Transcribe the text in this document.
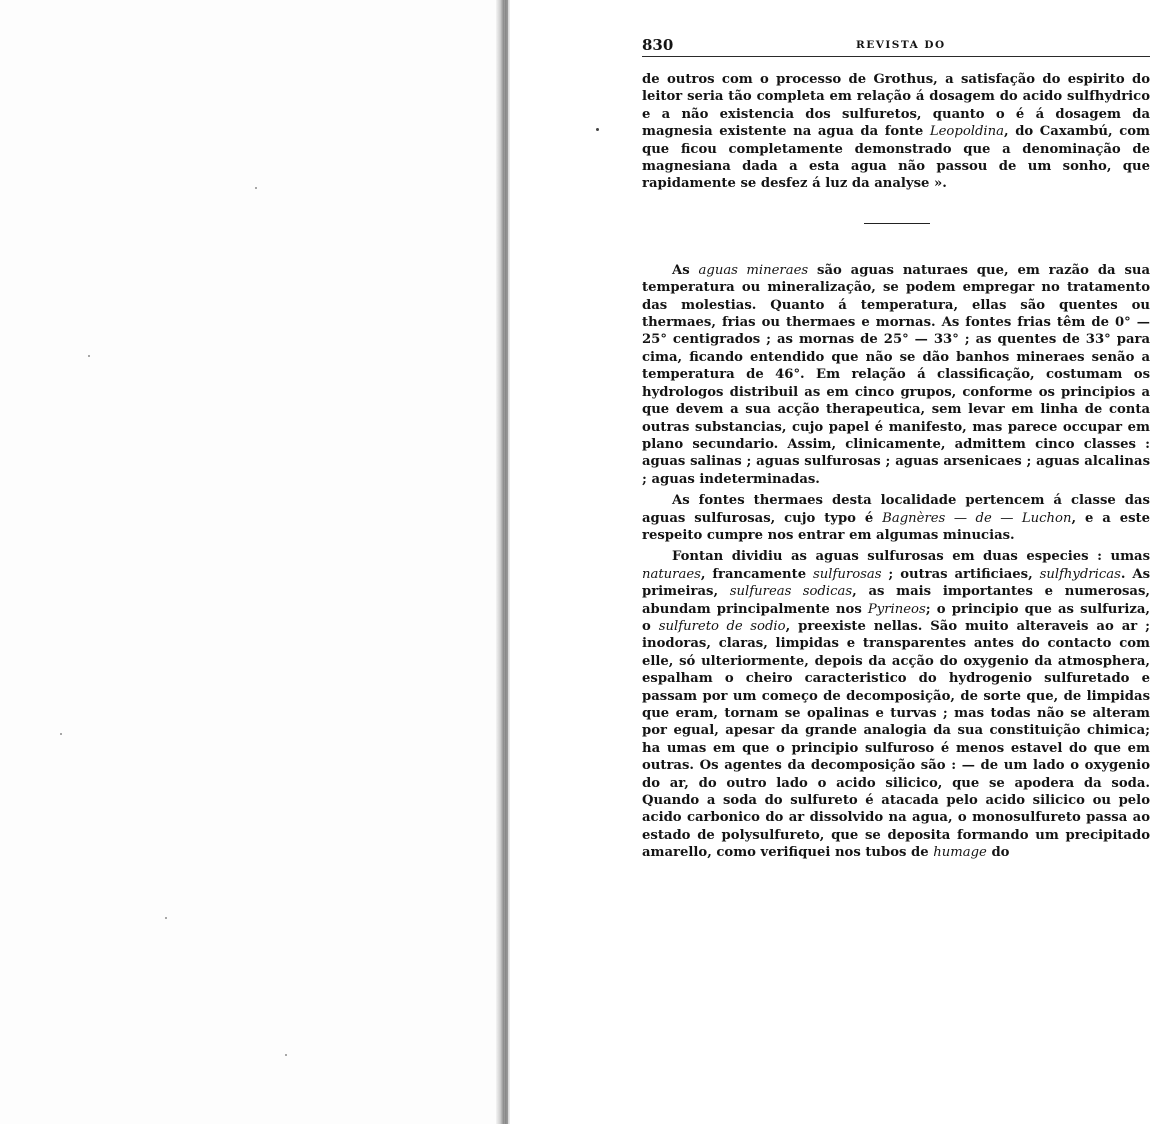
830	REVISTA DO

de outros com o processo de Grothus, a satisfação do espirito do leitor seria tão completa em relação á dosagem do acido sulfhydrico e a não existencia dos sulfuretos, quanto o é á dosagem da magnesia existente na agua da fonte Leopoldina, do Caxambú, com que ficou completamente demonstrado que a denominação de magnesiana dada a esta agua não passou de um sonho, que rapidamente se desfez á luz da analyse ».

As aguas mineraes são aguas naturaes que, em razão da sua temperatura ou mineralização, se podem empregar no tratamento das molestias. Quanto á temperatura, ellas são quentes ou thermaes, frias ou thermaes e mornas. As fontes frias têm de 0° — 25° centigrados ; as mornas de 25° — 33° ; as quentes de 33° para cima, ficando entendido que não se dão banhos mineraes senão a temperatura de 46°. Em relação á classificação, costumam os hydrologos distribuil as em cinco grupos, conforme os principios a que devem a sua acção therapeutica, sem levar em linha de conta outras substancias, cujo papel é manifesto, mas parece occupar em plano secundario. Assim, clinicamente, admittem cinco classes : aguas salinas ; aguas sulfurosas ; aguas arsenicaes ; aguas alcalinas ; aguas indeterminadas.

As fontes thermaes desta localidade pertencem á classe das aguas sulfurosas, cujo typo é Bagnères — de — Luchon, e a este respeito cumpre nos entrar em algumas minucias.

Fontan dividiu as aguas sulfurosas em duas especies : umas naturaes, francamente sulfurosas ; outras artificiaes, sulfhydricas. As primeiras, sulfureas sodicas, as mais importantes e numerosas, abundam principalmente nos Pyrineos; o principio que as sulfuriza, o sulfureto de sodio, preexiste nellas. São muito alteraveis ao ar ; inodoras, claras, limpidas e transparentes antes do contacto com elle, só ulteriormente, depois da acção do oxygenio da atmosphera, espalham o cheiro caracteristico do hydrogenio sulfuretado e passam por um começo de decomposição, de sorte que, de limpidas que eram, tornam se opalinas e turvas ; mas todas não se alteram por egual, apesar da grande analogia da sua constituição chimica; ha umas em que o principio sulfuroso é menos estavel do que em outras. Os agentes da decomposição são : — de um lado o oxygenio do ar, do outro lado o acido silicico, que se apodera da soda. Quando a soda do sulfureto é atacada pelo acido silicico ou pelo acido carbonico do ar dissolvido na agua, o monosulfureto passa ao estado de polysulfureto, que se deposita formando um precipitado amarello, como verifiquei nos tubos de humage do
